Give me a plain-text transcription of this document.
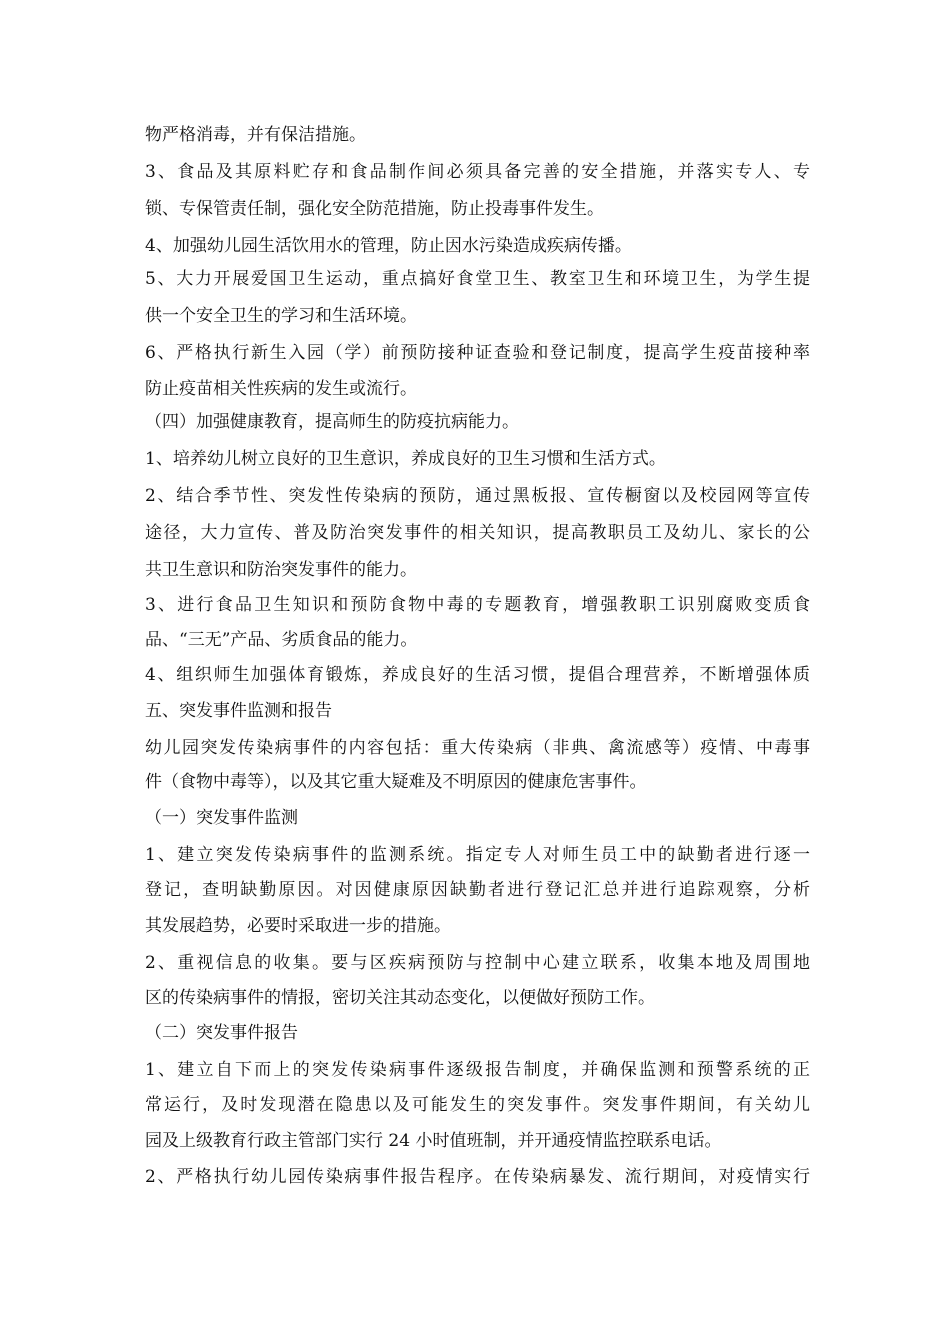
物严格消毒，并有保洁措施。
3、食品及其原料贮存和食品制作间必须具备完善的安全措施，并落实专人、专
锁、专保管责任制，强化安全防范措施，防止投毒事件发生。
4、加强幼儿园生活饮用水的管理，防止因水污染造成疾病传播。
5、大力开展爱国卫生运动，重点搞好食堂卫生、教室卫生和环境卫生，为学生提
供一个安全卫生的学习和生活环境。
6、严格执行新生入园（学）前预防接种证查验和登记制度，提高学生疫苗接种率
防止疫苗相关性疾病的发生或流行。
（四）加强健康教育，提高师生的防疫抗病能力。
1、培养幼儿树立良好的卫生意识，养成良好的卫生习惯和生活方式。
2、结合季节性、突发性传染病的预防，通过黑板报、宣传橱窗以及校园网等宣传
途径，大力宣传、普及防治突发事件的相关知识，提高教职员工及幼儿、家长的公
共卫生意识和防治突发事件的能力。
3、进行食品卫生知识和预防食物中毒的专题教育，增强教职工识别腐败变质食
品、“三无”产品、劣质食品的能力。
4、组织师生加强体育锻炼，养成良好的生活习惯，提倡合理营养，不断增强体质
五、突发事件监测和报告
幼儿园突发传染病事件的内容包括：重大传染病（非典、禽流感等）疫情、中毒事
件（食物中毒等），以及其它重大疑难及不明原因的健康危害事件。
（一）突发事件监测
1、建立突发传染病事件的监测系统。指定专人对师生员工中的缺勤者进行逐一
登记，查明缺勤原因。对因健康原因缺勤者进行登记汇总并进行追踪观察，分析
其发展趋势，必要时采取进一步的措施。
2、重视信息的收集。要与区疾病预防与控制中心建立联系，收集本地及周围地
区的传染病事件的情报，密切关注其动态变化，以便做好预防工作。
（二）突发事件报告
1、建立自下而上的突发传染病事件逐级报告制度，并确保监测和预警系统的正
常运行，及时发现潜在隐患以及可能发生的突发事件。突发事件期间，有关幼儿
园及上级教育行政主管部门实行 24 小时值班制，并开通疫情监控联系电话。
2、严格执行幼儿园传染病事件报告程序。在传染病暴发、流行期间，对疫情实行
